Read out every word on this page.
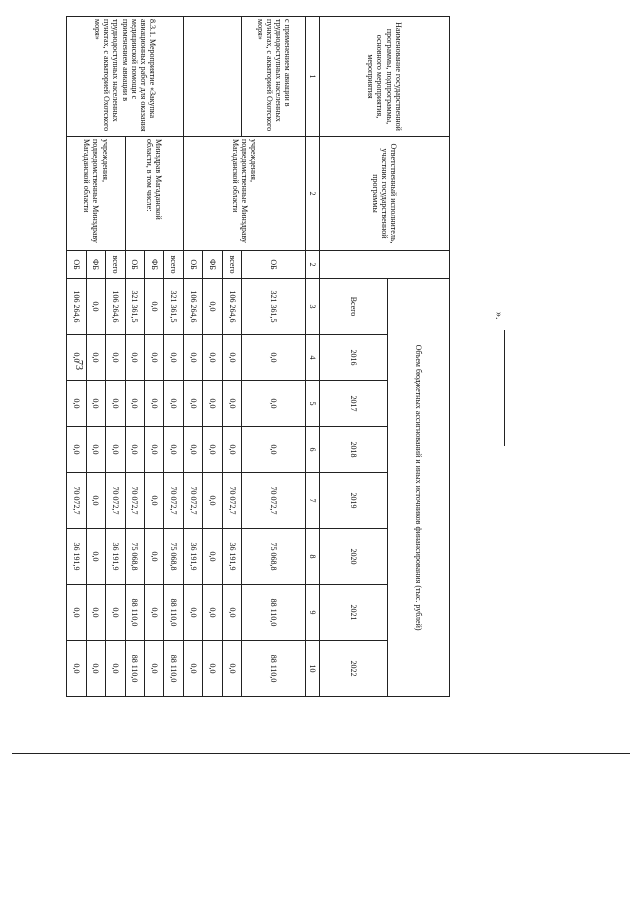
73
Наименование государственной программы, подпрограммы, основного мероприятия, мероприятия	Ответственный исполнитель, участник государственной программы		Объем бюджетных ассигнований и иных источников финансирования (тыс. рублей)							
			Всего	2016	2017	2018	2019	2020	2021	2022
1	2	2	3	4	5	6	7	8	9	10
с применением авиации в труднодоступных населенных пунктах, с акваторией Охотского моря»	учреждения, подведомственные Минздраву Магаданской области	ОБ	321 361,5	0,0	0,0	0,0	70 072,7	75 068,8	88 110,0	88 110,0
		всего	106 264,6	0,0	0,0	0,0	70 072,7	36 191,9	0,0	0,0
		ФБ	0,0	0,0	0,0	0,0	0,0	0,0	0,0	0,0
		ОБ	106 264,6	0,0	0,0	0,0	70 072,7	36 191,9	0,0	0,0
8.3.1. Мероприятие «Закупка авиационных работ для оказания медицинской помощи с применением авиации в труднодоступных населенных пунктах, с акваторией Охотского моря»	Минздрав Магаданской области, в том числе:	всего	321 361,5	0,0	0,0	0,0	70 072,7	75 068,8	88 110,0	88 110,0
		ФБ	0,0	0,0	0,0	0,0	0,0	0,0	0,0	0,0
		ОБ	321 361,5	0,0	0,0	0,0	70 072,7	75 068,8	88 110,0	88 110,0
	учреждения, подведомственные Минздраву Магаданской области	всего	106 264,6	0,0	0,0	0,0	70 072,7	36 191,9	0,0	0,0
		ФБ	0,0	0,0	0,0	0,0	0,0	0,0	0,0	0,0
		ОБ	106 264,6	0,0	0,0	0,0	70 072,7	36 191,9	0,0	0,0
».
